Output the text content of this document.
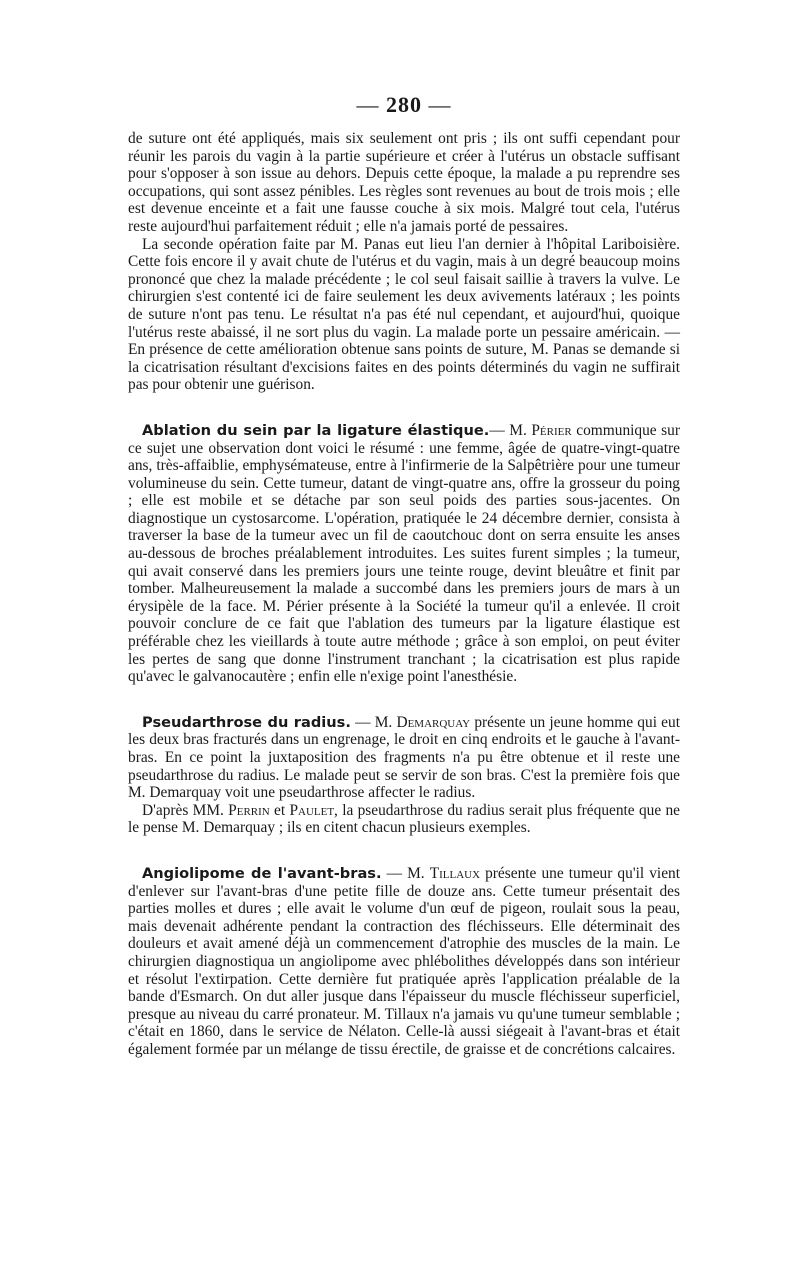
— 280 —

de suture ont été appliqués, mais six seulement ont pris ; ils ont suffi cependant pour réunir les parois du vagin à la partie supérieure et créer à l'utérus un obstacle suffisant pour s'opposer à son issue au dehors. Depuis cette époque, la malade a pu reprendre ses occupations, qui sont assez pénibles. Les règles sont revenues au bout de trois mois ; elle est devenue enceinte et a fait une fausse couche à six mois. Malgré tout cela, l'utérus reste aujourd'hui parfaitement réduit ; elle n'a jamais porté de pessaires.

La seconde opération faite par M. Panas eut lieu l'an dernier à l'hôpital Lariboisière. Cette fois encore il y avait chute de l'utérus et du vagin, mais à un degré beaucoup moins prononcé que chez la malade précédente ; le col seul faisait saillie à travers la vulve. Le chirurgien s'est contenté ici de faire seulement les deux avivements latéraux ; les points de suture n'ont pas tenu. Le résultat n'a pas été nul cependant, et aujourd'hui, quoique l'utérus reste abaissé, il ne sort plus du vagin. La malade porte un pessaire américain. — En présence de cette amélioration obtenue sans points de suture, M. Panas se demande si la cicatrisation résultant d'excisions faites en des points déterminés du vagin ne suffirait pas pour obtenir une guérison.

Ablation du sein par la ligature élastique.— M. Périer communique sur ce sujet une observation dont voici le résumé : une femme, âgée de quatre-vingt-quatre ans, très-affaiblie, emphysémateuse, entre à l'infirmerie de la Salpêtrière pour une tumeur volumineuse du sein. Cette tumeur, datant de vingt-quatre ans, offre la grosseur du poing ; elle est mobile et se détache par son seul poids des parties sous-jacentes. On diagnostique un cystosarcome. L'opération, pratiquée le 24 décembre dernier, consista à traverser la base de la tumeur avec un fil de caoutchouc dont on serra ensuite les anses au-dessous de broches préalablement introduites. Les suites furent simples ; la tumeur, qui avait conservé dans les premiers jours une teinte rouge, devint bleuâtre et finit par tomber. Malheureusement la malade a succombé dans les premiers jours de mars à un érysipèle de la face. M. Périer présente à la Société la tumeur qu'il a enlevée. Il croit pouvoir conclure de ce fait que l'ablation des tumeurs par la ligature élastique est préférable chez les vieillards à toute autre méthode ; grâce à son emploi, on peut éviter les pertes de sang que donne l'instrument tranchant ; la cicatrisation est plus rapide qu'avec le galvanocautère ; enfin elle n'exige point l'anesthésie.

Pseudarthrose du radius. — M. Demarquay présente un jeune homme qui eut les deux bras fracturés dans un engrenage, le droit en cinq endroits et le gauche à l'avant-bras. En ce point la juxtaposition des fragments n'a pu être obtenue et il reste une pseudarthrose du radius. Le malade peut se servir de son bras. C'est la première fois que M. Demarquay voit une pseudarthrose affecter le radius.

D'après MM. Perrin et Paulet, la pseudarthrose du radius serait plus fréquente que ne le pense M. Demarquay ; ils en citent chacun plusieurs exemples.

Angiolipome de l'avant-bras. — M. Tillaux présente une tumeur qu'il vient d'enlever sur l'avant-bras d'une petite fille de douze ans. Cette tumeur présentait des parties molles et dures ; elle avait le volume d'un œuf de pigeon, roulait sous la peau, mais devenait adhérente pendant la contraction des fléchisseurs. Elle déterminait des douleurs et avait amené déjà un commencement d'atrophie des muscles de la main. Le chirurgien diagnostiqua un angiolipome avec phlébolithes développés dans son intérieur et résolut l'extirpation. Cette dernière fut pratiquée après l'application préalable de la bande d'Esmarch. On dut aller jusque dans l'épaisseur du muscle fléchisseur superficiel, presque au niveau du carré pronateur. M. Tillaux n'a jamais vu qu'une tumeur semblable ; c'était en 1860, dans le service de Nélaton. Celle-là aussi siégeait à l'avant-bras et était également formée par un mélange de tissu érectile, de graisse et de concrétions calcaires.
